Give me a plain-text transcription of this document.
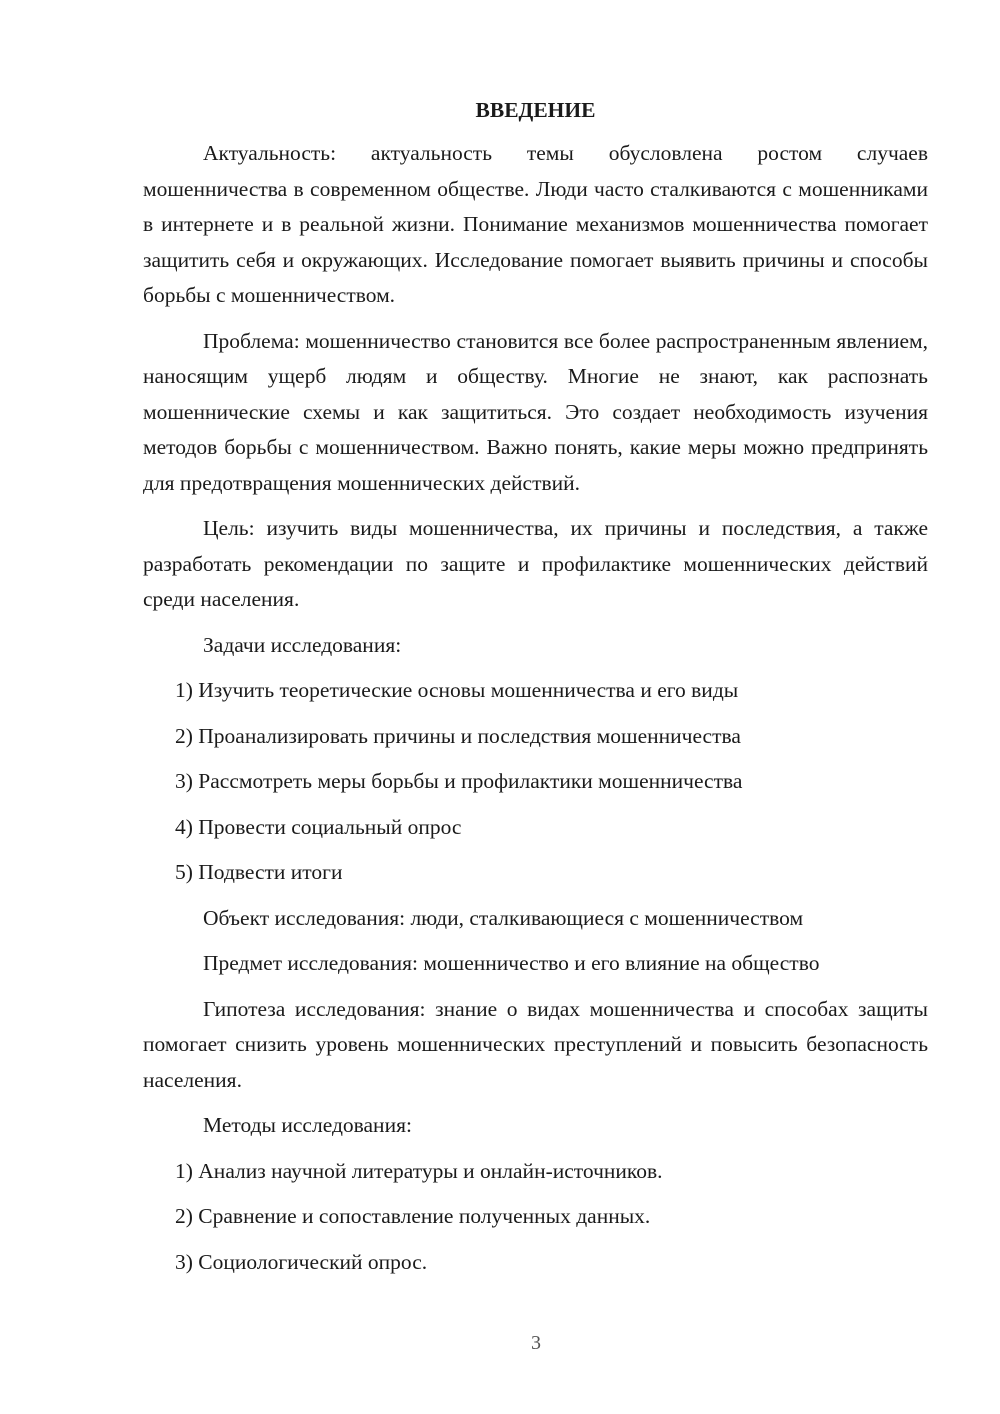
ВВЕДЕНИЕ
Актуальность: актуальность темы обусловлена ростом случаев мошенничества в современном обществе. Люди часто сталкиваются с мошенниками в интернете и в реальной жизни. Понимание механизмов мошенничества помогает защитить себя и окружающих. Исследование помогает выявить причины и способы борьбы с мошенничеством.
Проблема: мошенничество становится все более распространенным явлением, наносящим ущерб людям и обществу. Многие не знают, как распознать мошеннические схемы и как защититься. Это создает необходимость изучения методов борьбы с мошенничеством. Важно понять, какие меры можно предпринять для предотвращения мошеннических действий.
Цель: изучить виды мошенничества, их причины и последствия, а также разработать рекомендации по защите и профилактике мошеннических действий среди населения.
Задачи исследования:
1) Изучить теоретические основы мошенничества и его виды
2) Проанализировать причины и последствия мошенничества
3) Рассмотреть меры борьбы и профилактики мошенничества
4) Провести социальный опрос
5) Подвести итоги
Объект исследования: люди, сталкивающиеся с мошенничеством
Предмет исследования: мошенничество и его влияние на общество
Гипотеза исследования: знание о видах мошенничества и способах защиты помогает снизить уровень мошеннических преступлений и повысить безопасность населения.
Методы исследования:
1) Анализ научной литературы и онлайн-источников.
2) Сравнение и сопоставление полученных данных.
3) Социологический опрос.
3
